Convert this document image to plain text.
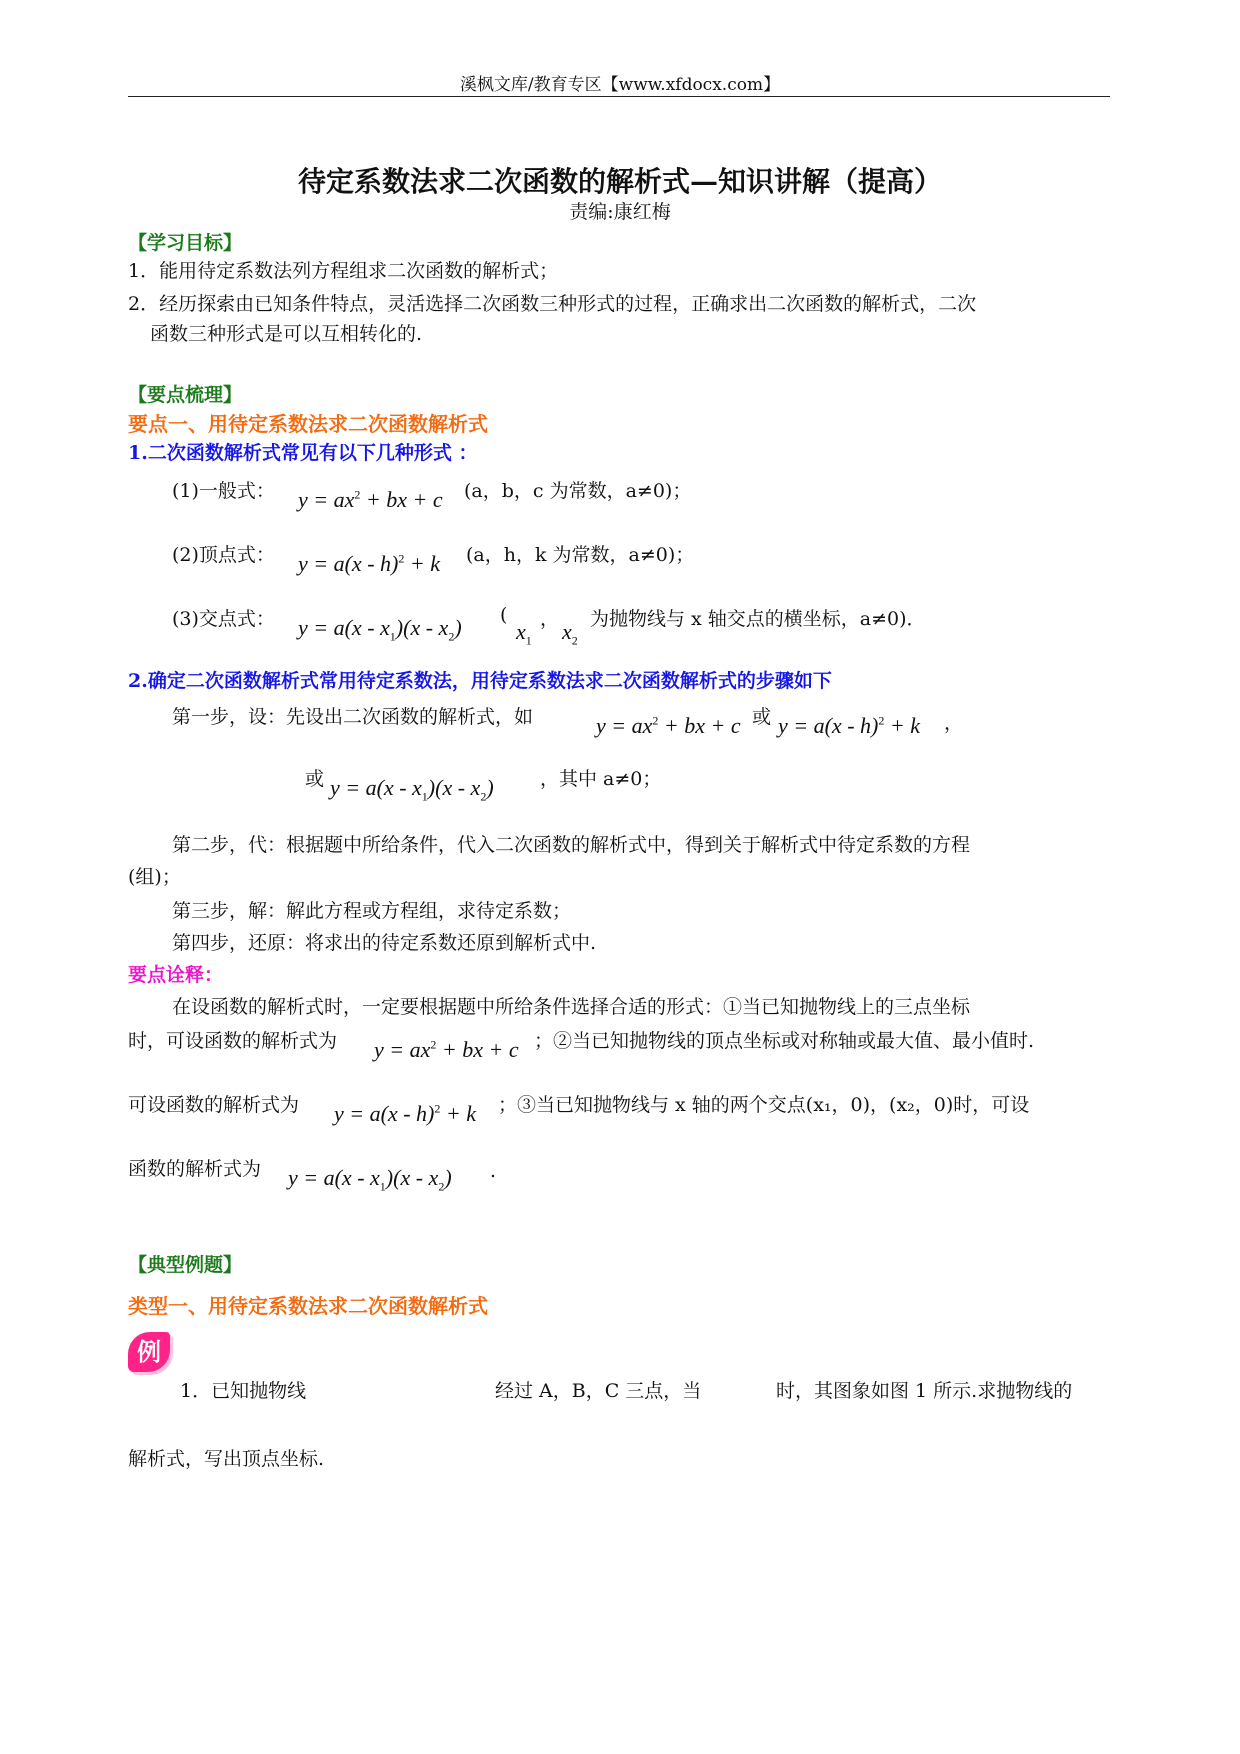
溪枫文库/教育专区【www.xfdocx.com】
待定系数法求二次函数的解析式—知识讲解（提高）
责编:康红梅
【学习目标】
1．能用待定系数法列方程组求二次函数的解析式；
2．经历探索由已知条件特点，灵活选择二次函数三种形式的过程，正确求出二次函数的解析式，二次
函数三种形式是可以互相转化的.
【要点梳理】
要点一、用待定系数法求二次函数解析式
1.二次函数解析式常见有以下几种形式 ：
(1)一般式： $y = ax^2$ + bx + c (a，b，c 为常数，a≠0)；
(2)顶点式： y = a(x - h)$^2$ + k (a，h，k 为常数，a≠0)；
(3)交点式： $y = a(x - x_1)(x - x_2)$ (
$x_1$
， $x_2$
为抛物线与 x 轴交点的横坐标，a≠0)．
2.确定二次函数解析式常用待定系数法，用待定系数法求二次函数解析式的步骤如下
第一步，设：先设出二次函数的解析式，如	$y = ax^2$ + bx + c 或 y = a(x - h)$^2$ + k ，
或 $y = a(x - x_1)(x - x_2)$ ，其中 a≠0；
第二步，代：根据题中所给条件，代入二次函数的解析式中，得到关于解析式中待定系数的方程
(组)；
第三步，解：解此方程或方程组，求待定系数；
第四步，还原：将求出的待定系数还原到解析式中.
要点诠释：
在设函数的解析式时，一定要根据题中所给条件选择合适的形式：①当已知抛物线上的三点坐标
时，可设函数的解析式为 $y = ax^2$ + bx + c ；②当已知抛物线的顶点坐标或对称轴或最大值、最小值时.
可设函数的解析式为 y = a(x - h)$^2$ + k ；③当已知抛物线与 x 轴的两个交点(x₁，0)，(x₂，0)时，可设
函数的解析式为 $y = a(x - x_1)(x - x_2)$ .
【典型例题】
类型一、用待定系数法求二次函数解析式
例
1．已知抛物线	经过 A，B，C 三点，当	时，其图象如图 1 所示.求抛物线的
解析式，写出顶点坐标.
